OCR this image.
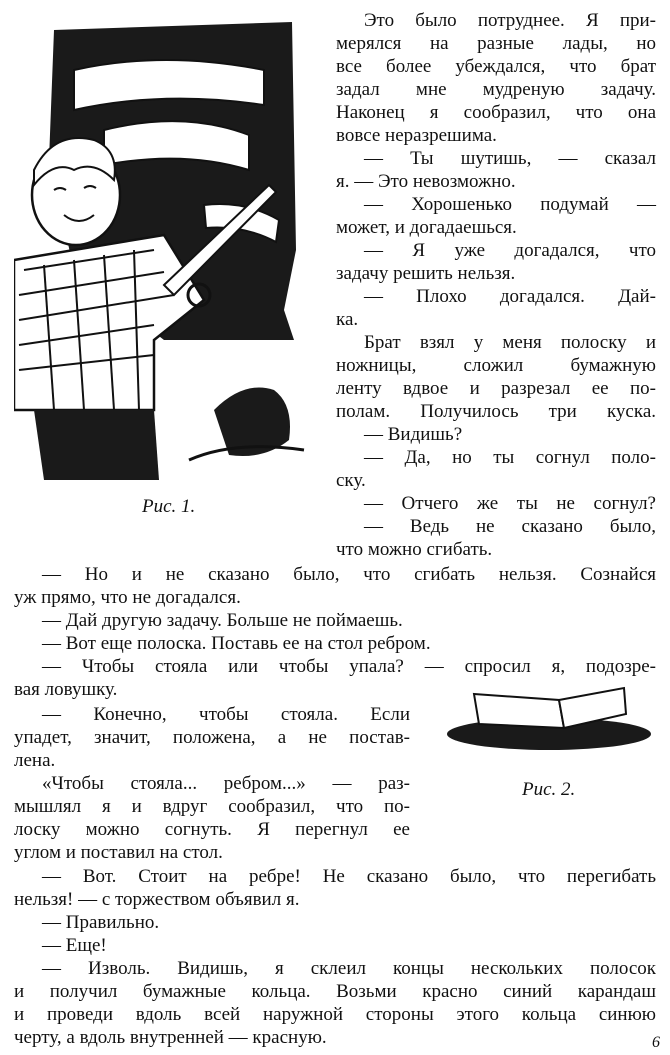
Рис. 1.
Рис. 2.
Это было потруднее. Я при-
мерялся на разные лады, но
все более убеждался, что брат
задал мне мудреную задачу.
Наконец я сообразил, что она
вовсе неразрешима.
— Ты шутишь, — сказал
я. — Это невозможно.
— Хорошенько подумай —
может, и догадаешься.
— Я уже догадался, что
задачу решить нельзя.
— Плохо догадался. Дай-
ка.
Брат взял у меня полоску и
ножницы, сложил бумажную
ленту вдвое и разрезал ее по-
полам. Получилось три куска.
— Видишь?
— Да, но ты согнул поло-
ску.
— Отчего же ты не согнул?
— Ведь не сказано было,
что можно сгибать.
— Но и не сказано было, что сгибать нельзя. Сознайся
уж прямо, что не догадался.
— Дай другую задачу. Больше не поймаешь.
— Вот еще полоска. Поставь ее на стол ребром.
— Чтобы стояла или чтобы упала? — спросил я, подозре-
вая ловушку.
— Конечно, чтобы стояла. Если
упадет, значит, положена, а не постав-
лена.
«Чтобы стояла... ребром...» — раз-
мышлял я и вдруг сообразил, что по-
лоску можно согнуть. Я перегнул ее
углом и поставил на стол.
— Вот. Стоит на ребре! Не сказано было, что перегибать
нельзя! — с торжеством объявил я.
— Правильно.
— Еще!
— Изволь. Видишь, я склеил концы нескольких полосок
и получил бумажные кольца. Возьми красно синий карандаш
и проведи вдоль всей наружной стороны этого кольца синюю
черту, а вдоль внутренней — красную.	6
